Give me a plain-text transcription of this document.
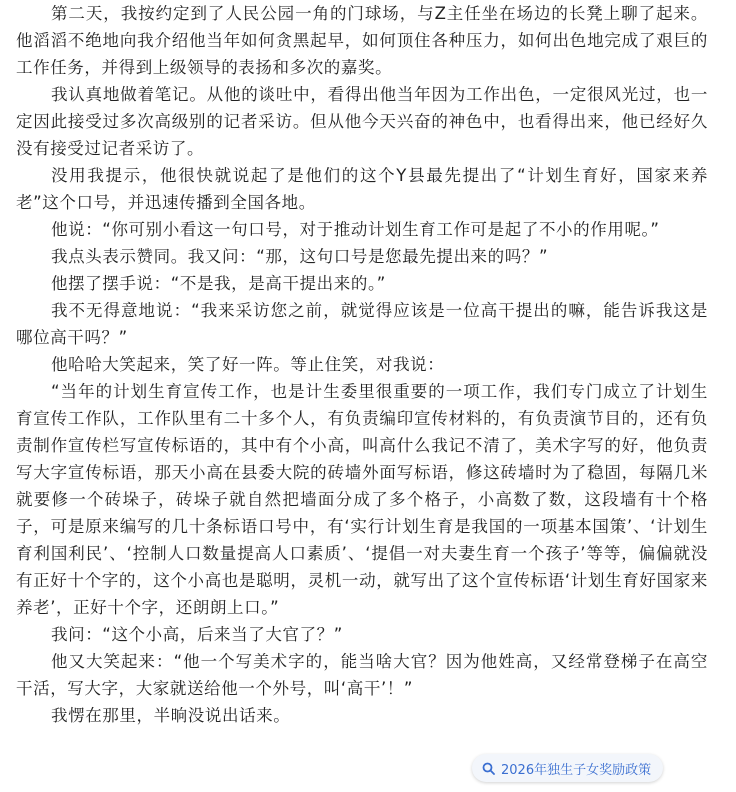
第二天，我按约定到了人民公园一角的门球场，与Z主任坐在场边的长凳上聊了起来。他滔滔不绝地向我介绍他当年如何贪黑起早，如何顶住各种压力，如何出色地完成了艰巨的工作任务，并得到上级领导的表扬和多次的嘉奖。

我认真地做着笔记。从他的谈吐中，看得出他当年因为工作出色，一定很风光过，也一定因此接受过多次高级别的记者采访。但从他今天兴奋的神色中，也看得出来，他已经好久没有接受过记者采访了。

没用我提示，他很快就说起了是他们的这个Y县最先提出了“计划生育好，国家来养老”这个口号，并迅速传播到全国各地。

他说：“你可别小看这一句口号，对于推动计划生育工作可是起了不小的作用呢。”

我点头表示赞同。我又问：“那，这句口号是您最先提出来的吗？”

他摆了摆手说：“不是我，是高干提出来的。”

我不无得意地说：“我来采访您之前，就觉得应该是一位高干提出的嘛，能告诉我这是哪位高干吗？”

他哈哈大笑起来，笑了好一阵。等止住笑，对我说：

“当年的计划生育宣传工作，也是计生委里很重要的一项工作，我们专门成立了计划生育宣传工作队，工作队里有二十多个人，有负责编印宣传材料的，有负责演节目的，还有负责制作宣传栏写宣传标语的，其中有个小高，叫高什么我记不清了，美术字写的好，他负责写大字宣传标语，那天小高在县委大院的砖墙外面写标语，修这砖墙时为了稳固，每隔几米就要修一个砖垛子，砖垛子就自然把墙面分成了多个格子，小高数了数，这段墙有十个格子，可是原来编写的几十条标语口号中，有‘实行计划生育是我国的一项基本国策’、‘计划生育利国利民’、‘控制人口数量提高人口素质’、‘提倡一对夫妻生育一个孩子’等等，偏偏就没有正好十个字的，这个小高也是聪明，灵机一动，就写出了这个宣传标语‘计划生育好国家来养老’，正好十个字，还朗朗上口。”

我问：“这个小高，后来当了大官了？”

他又大笑起来：“他一个写美术字的，能当啥大官？因为他姓高，又经常登梯子在高空干活，写大字，大家就送给他一个外号，叫‘高干’！”

我愣在那里，半晌没说出话来。

2026年独生子女奖励政策
